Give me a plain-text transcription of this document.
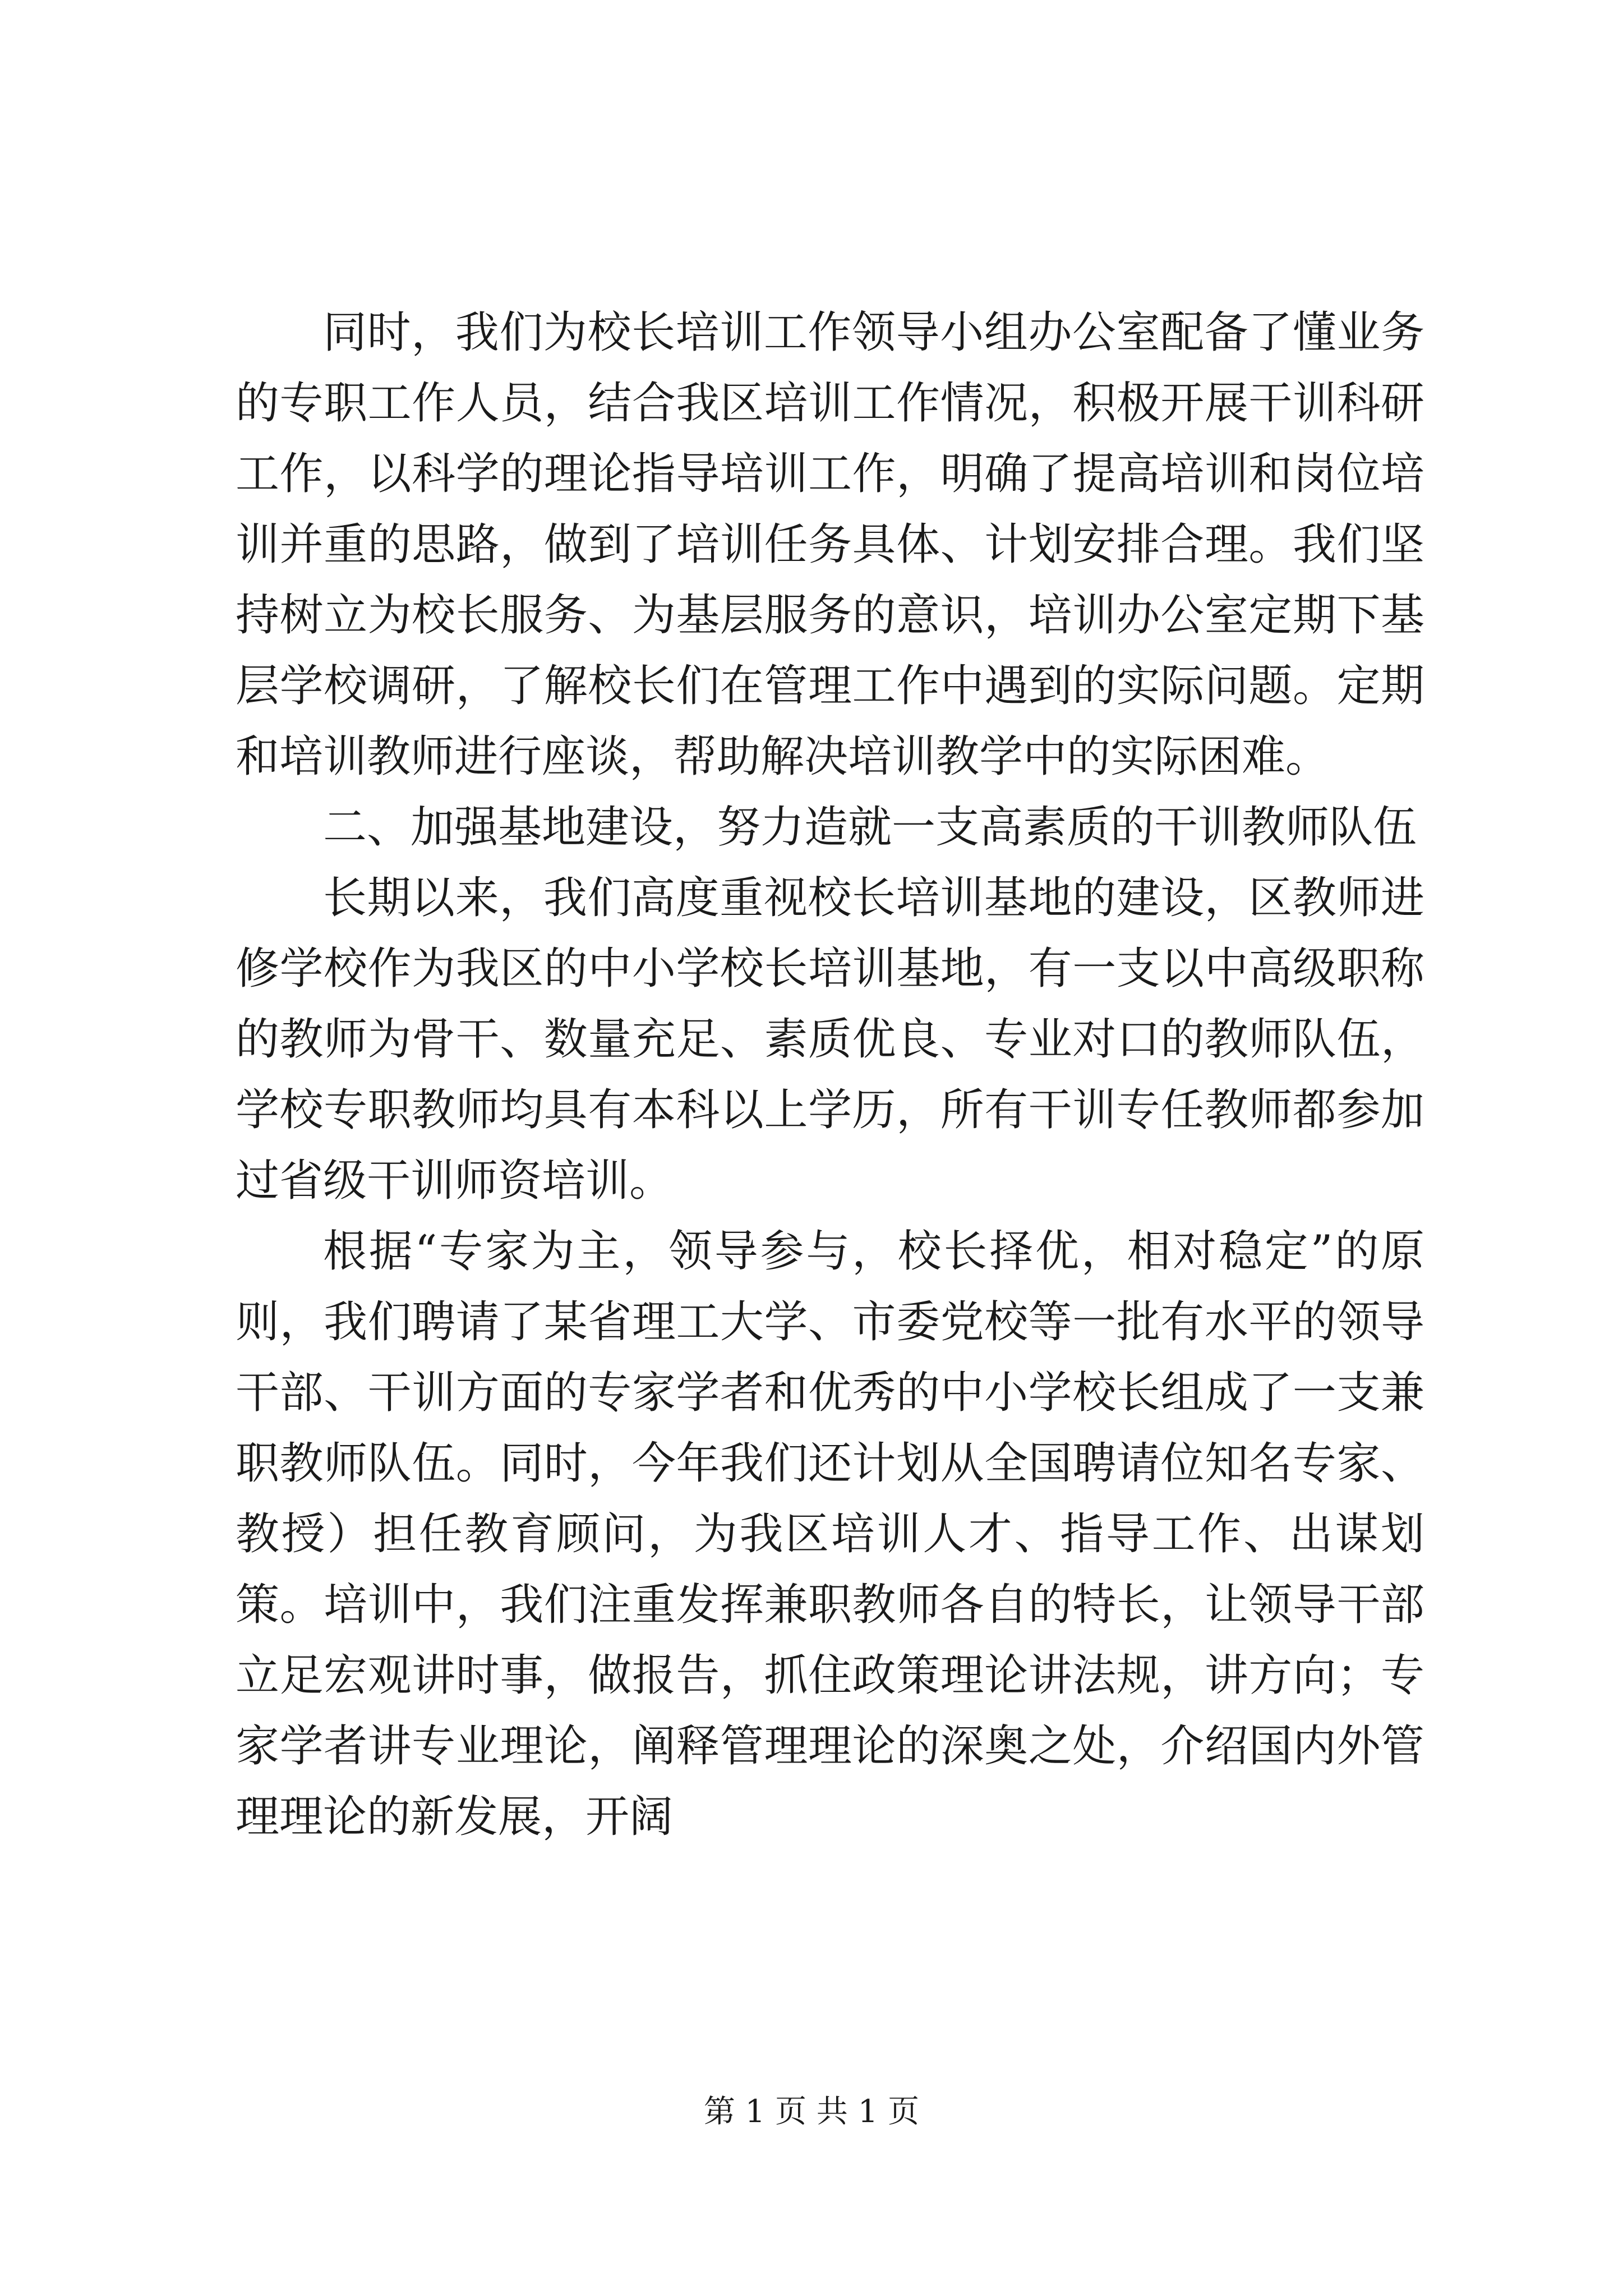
同时，我们为校长培训工作领导小组办公室配备了懂业务的专职工作人员，结合我区培训工作情况，积极开展干训科研工作，以科学的理论指导培训工作，明确了提高培训和岗位培训并重的思路，做到了培训任务具体、计划安排合理。我们坚持树立为校长服务、为基层服务的意识，培训办公室定期下基层学校调研，了解校长们在管理工作中遇到的实际问题。定期和培训教师进行座谈，帮助解决培训教学中的实际困难。

二、加强基地建设，努力造就一支高素质的干训教师队伍

长期以来，我们高度重视校长培训基地的建设，区教师进修学校作为我区的中小学校长培训基地，有一支以中高级职称的教师为骨干、数量充足、素质优良、专业对口的教师队伍，学校专职教师均具有本科以上学历，所有干训专任教师都参加过省级干训师资培训。

根据“专家为主，领导参与，校长择优，相对稳定”的原则，我们聘请了某省理工大学、市委党校等一批有水平的领导干部、干训方面的专家学者和优秀的中小学校长组成了一支兼职教师队伍。同时，今年我们还计划从全国聘请位知名专家、教授）担任教育顾问，为我区培训人才、指导工作、出谋划策。培训中，我们注重发挥兼职教师各自的特长，让领导干部立足宏观讲时事，做报告，抓住政策理论讲法规，讲方向；专家学者讲专业理论，阐释管理理论的深奥之处，介绍国内外管理理论的新发展，开阔

第 1 页 共 1 页
